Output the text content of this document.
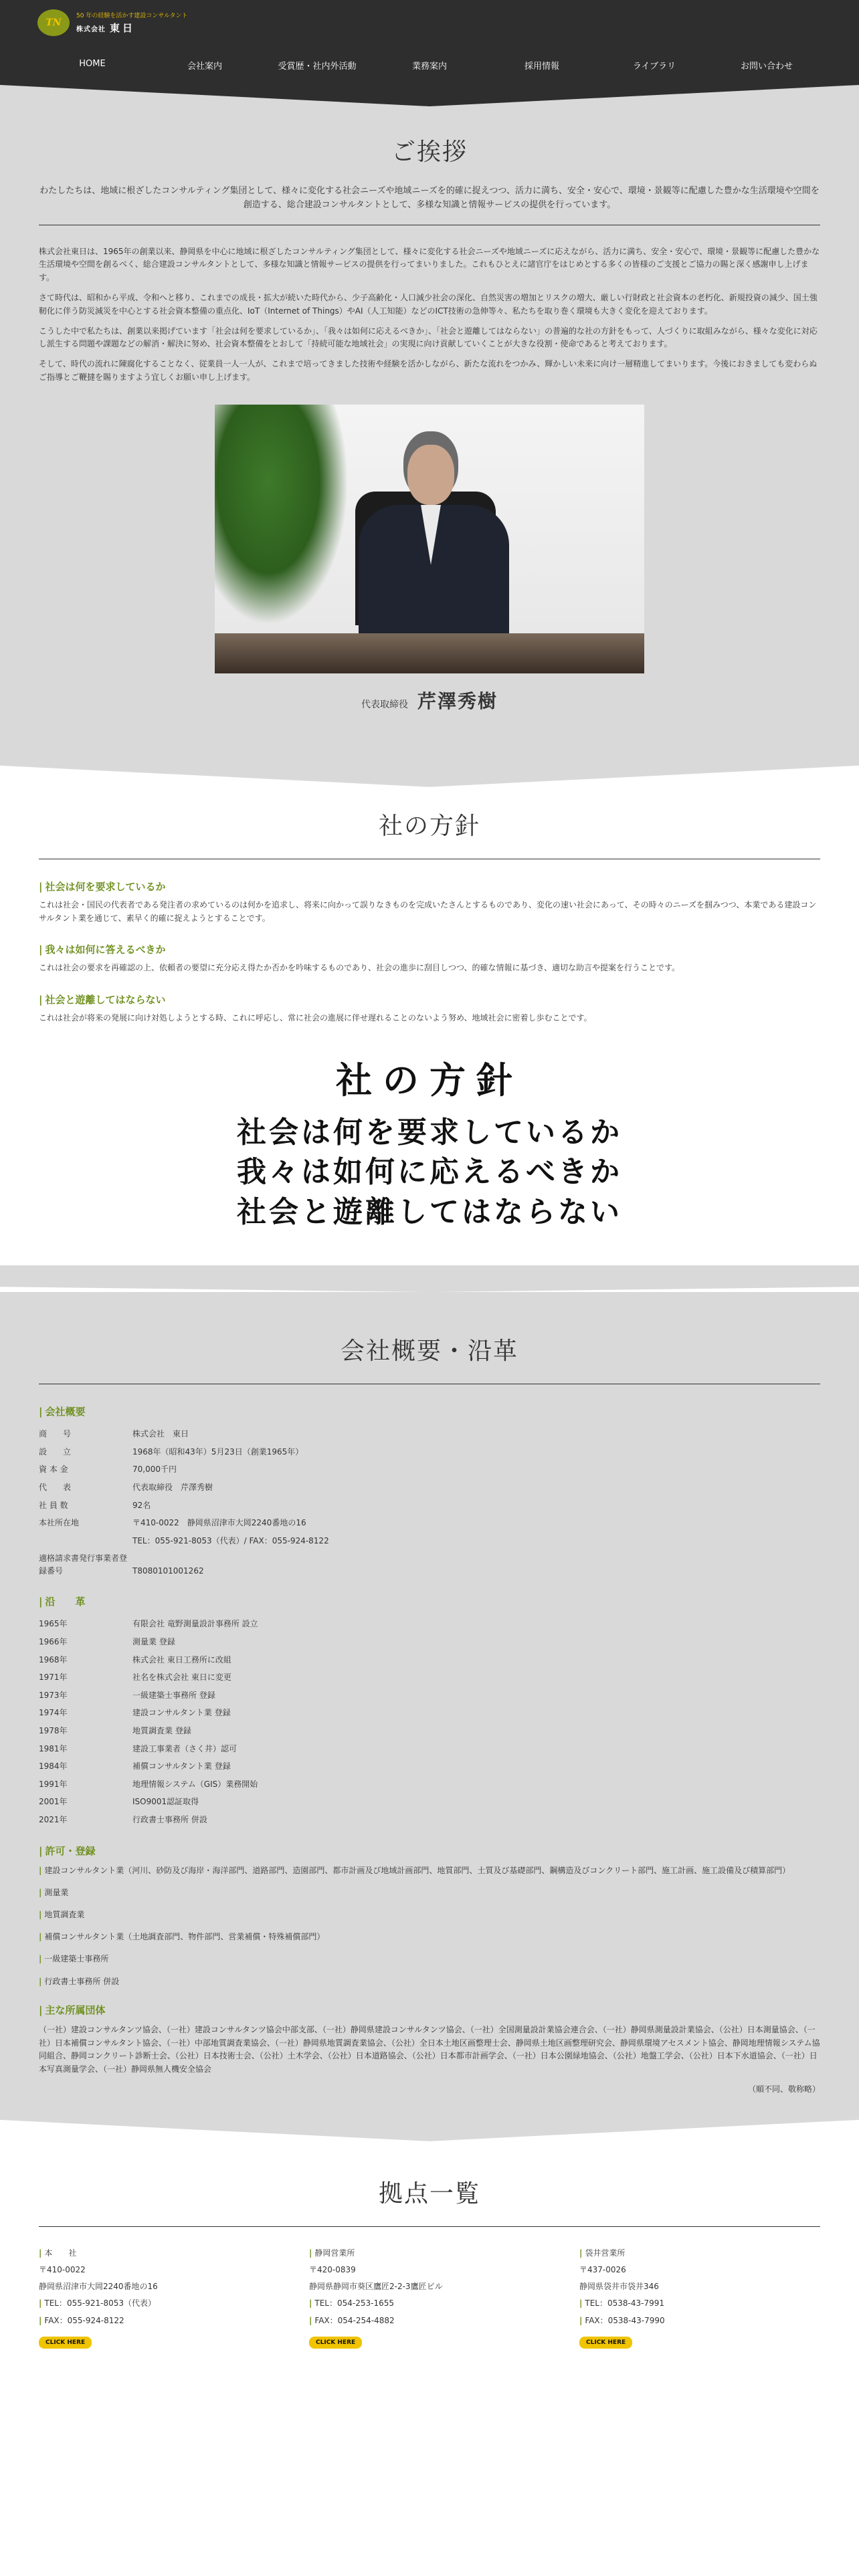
TN
50 年の経験を活かす建設コンサルタント
株式会社 東日
HOME	会社案内	受賞歴・社内外活動	業務案内	採用情報	ライブラリ	お問い合わせ
ご挨拶

わたしたちは、地域に根ざしたコンサルティング集団として、様々に変化する社会ニーズや地域ニーズを的確に捉えつつ、活力に満ち、安全・安心で、環境・景観等に配慮した豊かな生活環境や空間を創造する、総合建設コンサルタントとして、多様な知識と情報サービスの提供を行っています。

株式会社東日は、1965年の創業以来、静岡県を中心に地域に根ざしたコンサルティング集団として、様々に変化する社会ニーズや地域ニーズに応えながら、活力に満ち、安全・安心で、環境・景観等に配慮した豊かな生活環境や空間を創るべく、総合建設コンサルタントとして、多様な知識と情報サービスの提供を行ってまいりました。これもひとえに諸官庁をはじめとする多くの皆様のご支援とご協力の賜と深く感謝申し上げます。

さて時代は、昭和から平成、令和へと移り、これまでの成長・拡大が続いた時代から、少子高齢化・人口減少社会の深化、自然災害の増加とリスクの増大、厳しい行財政と社会資本の老朽化、新規投資の減少、国土強靭化に伴う防災減災を中心とする社会資本整備の重点化、IoT（Internet of Things）やAI（人工知能）などのICT技術の急伸等々、私たちを取り巻く環境も大きく変化を迎えております。

こうした中で私たちは、創業以来掲げています「社会は何を要求しているか」、「我々は如何に応えるべきか」、「社会と遊離してはならない」の普遍的な社の方針をもって、人づくりに取組みながら、様々な変化に対応し派生する問題や課題などの解消・解決に努め、社会資本整備をとおして「持続可能な地域社会」の実現に向け貢献していくことが大きな役割・使命であると考えております。

そして、時代の流れに陳腐化することなく、従業員一人一人が、これまで培ってきました技術や経験を活かしながら、新たな流れをつかみ、輝かしい未来に向け一層精進してまいります。今後におきましても変わらぬご指導とご鞭撻を賜りますよう宜しくお願い申し上げます。

代表取締役 芹澤秀樹
社の方針
| 社会は何を要求しているか

これは社会・国民の代表者である発注者の求めているのは何かを追求し、将来に向かって誤りなきものを完成いたさんとするものであり、変化の速い社会にあって、その時々のニーズを掴みつつ、本業である建設コンサルタント業を通じて、素早く的確に捉えようとすることです。

| 我々は如何に答えるべきか

これは社会の要求を再確認の上、依頼者の要望に充分応え得たか否かを吟味するものであり、社会の進歩に刮目しつつ、的確な情報に基づき、適切な助言や提案を行うことです。

| 社会と遊離してはならない

これは社会が将来の発展に向け対処しようとする時、これに呼応し、常に社会の進展に伴せ遅れることのないよう努め、地域社会に密着し歩むことです。

社の方針
社会は何を要求しているか
我々は如何に応えるべきか
社会と遊離してはならない
会社概要・沿革
| 会社概要
商　　号	株式会社　東日
設　　立	1968年（昭和43年）5月23日（創業1965年）
資 本 金	70,000千円
代　　表	代表取締役　芹澤秀樹
社 員 数	92名
本社所在地	〒410-0022　静岡県沼津市大岡2240番地の16
	TEL：055-921-8053（代表）/ FAX：055-924-8122
適格請求書発行事業者登録番号	T8080101001262
| 沿　　革
1965年	有限会社 竜野測量設計事務所 設立
1966年	測量業 登録
1968年	株式会社 東日工務所に改組
1971年	社名を株式会社 東日に変更
1973年	一級建築士事務所 登録
1974年	建設コンサルタント業 登録
1978年	地質調査業 登録
1981年	建設工事業者（さく井）認可
1984年	補償コンサルタント業 登録
1991年	地理情報システム（GIS）業務開始
2001年	ISO9001認証取得
2021年	行政書士事務所 併設
| 許可・登録
| 建設コンサルタント業（河川、砂防及び海岸・海洋部門、道路部門、造園部門、都市計画及び地域計画部門、地質部門、土質及び基礎部門、鋼構造及びコンクリート部門、施工計画、施工設備及び積算部門）
| 測量業
| 地質調査業
| 補償コンサルタント業（土地調査部門、物件部門、営業補償・特殊補償部門）
| 一級建築士事務所
| 行政書士事務所 併設
| 主な所属団体

（一社）建設コンサルタンツ協会、（一社）建設コンサルタンツ協会中部支部、（一社）静岡県建設コンサルタンツ協会、（一社）全国測量設計業協会連合会、（一社）静岡県測量設計業協会、（公社）日本測量協会、（一社）日本補償コンサルタント協会、（一社）中部地質調査業協会、（一社）静岡県地質調査業協会、（公社）全日本土地区画整理士会、静岡県土地区画整理研究会、静岡県環境アセスメント協会、静岡地理情報システム協同組合、静岡コンクリート診断士会、（公社）日本技術士会、（公社）土木学会、（公社）日本道路協会、（公社）日本都市計画学会、（一社）日本公園緑地協会、（公社）地盤工学会、（公社）日本下水道協会、（一社）日本写真測量学会、（一社）静岡県無人機安全協会

（順不同、敬称略）
拠点一覧
| 本　　社
〒410-0022
静岡県沼津市大岡2240番地の16
| TEL：055-921-8053（代表）
| FAX：055-924-8122
CLICK HERE
| 静岡営業所
〒420-0839
静岡県静岡市葵区鷹匠2-2-3鷹匠ビル
| TEL：054-253-1655
| FAX：054-254-4882
CLICK HERE
| 袋井営業所
〒437-0026
静岡県袋井市袋井346
| TEL：0538-43-7991
| FAX：0538-43-7990
CLICK HERE
